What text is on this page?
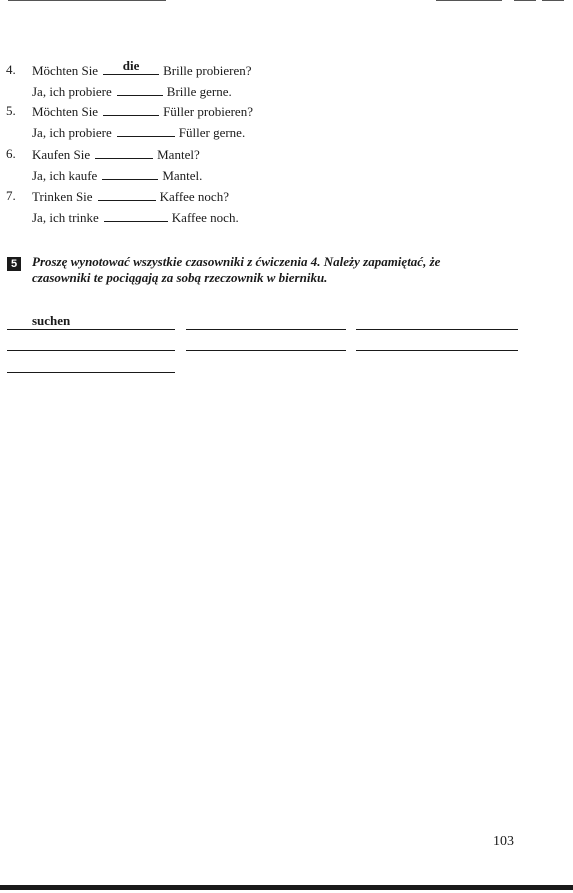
4.	Möchten Sie	die	Brille probieren?
Ja, ich probiere	Brille gerne.
5.	Möchten Sie	Füller probieren?
Ja, ich probiere	Füller gerne.
6.	Kaufen Sie	Mantel?
Ja, ich kaufe	Mantel.
7.	Trinken Sie	Kaffee noch?
Ja, ich trinke	Kaffee noch.
5	Proszę wynotować wszystkie czasowniki z ćwiczenia 4. Należy zapamiętać, że czasowniki te pociągają za sobą rzeczownik w bierniku.
suchen
103
